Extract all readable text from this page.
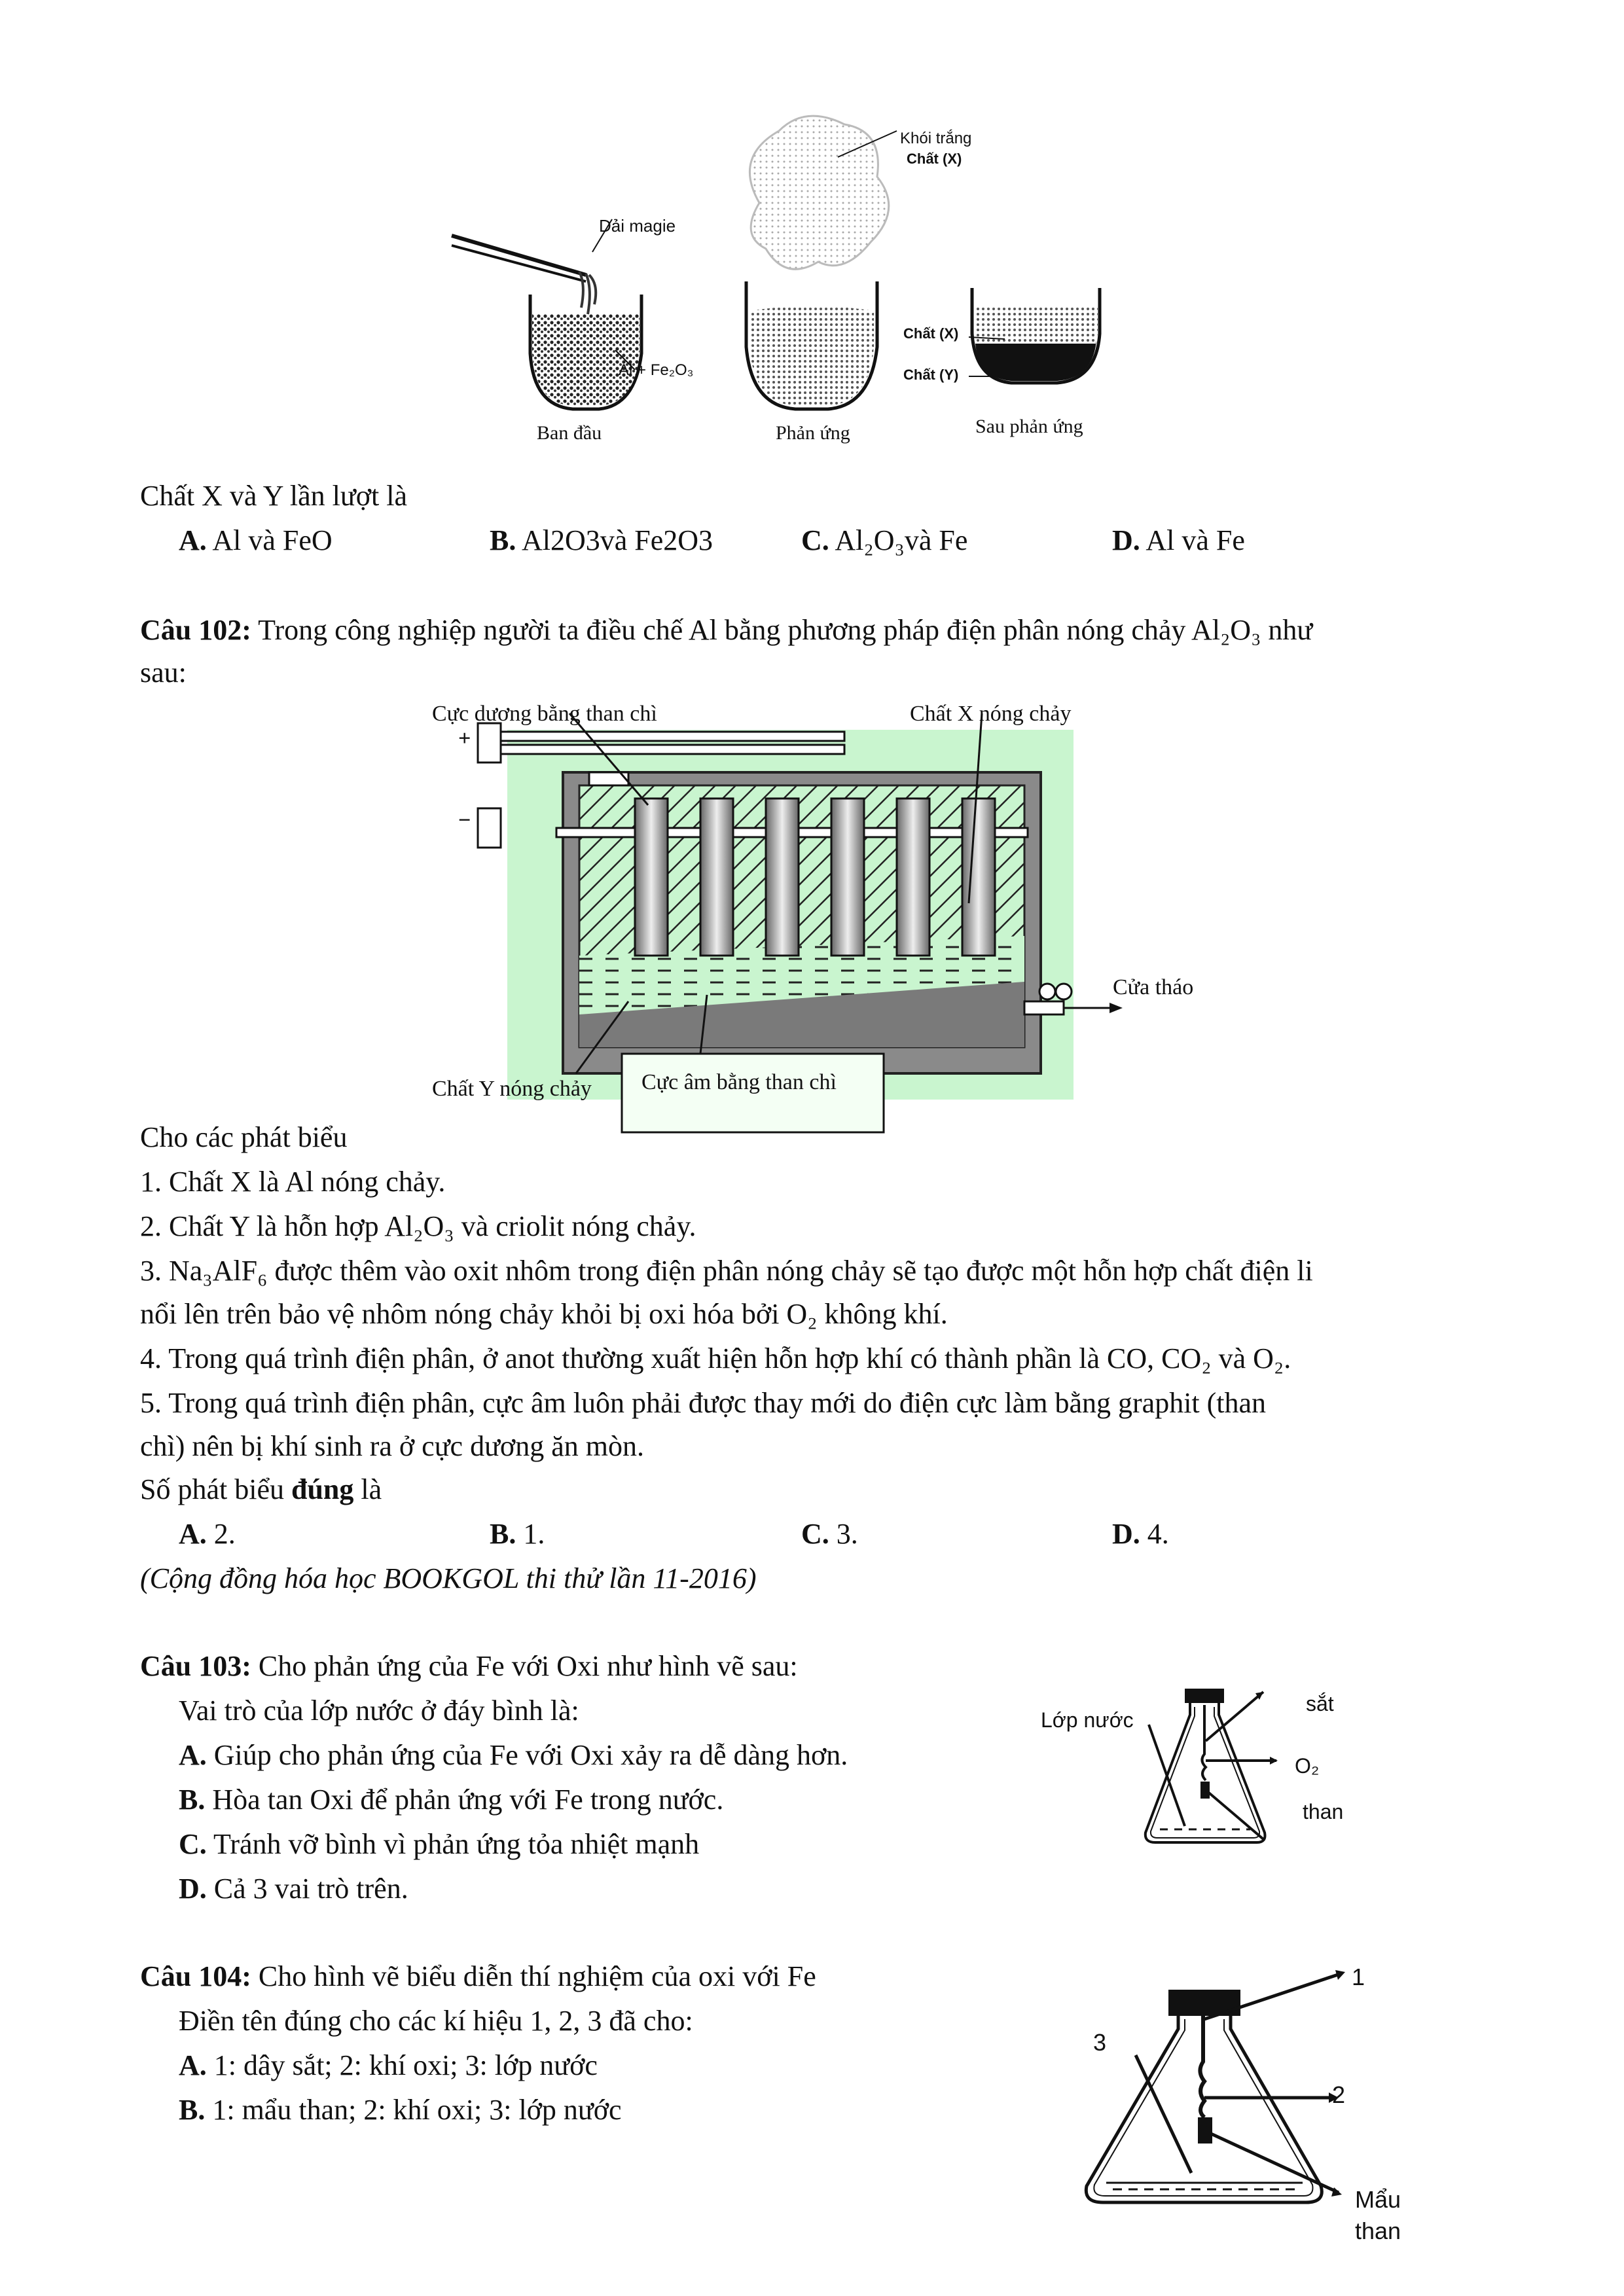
Dải magie
Al + Fe₂O₃
Khói trắng
Chất (X)
Chất (X)
Chất (Y)
Ban đầu	Phản ứng	Sau phản ứng
Chất X và Y lần lượt là
A. Al và FeO	B. Al2O3và Fe2O3	C. Al₂O₃và Fe	D. Al và Fe
Câu 102: Trong công nghiệp người ta điều chế Al bằng phương pháp điện phân nóng chảy Al₂O₃ như
sau:
Cực dương bằng than chì	Chất X nóng chảy
Cửa tháo
Cực âm bằng than chì
Chất Y nóng chảy
+
−
Cho các phát biểu
1. Chất X là Al nóng chảy.
2. Chất Y là hỗn hợp Al₂O₃ và criolit nóng chảy.
3. Na₃AlF₆ được thêm vào oxit nhôm trong điện phân nóng chảy sẽ tạo được một hỗn hợp chất điện li
nổi lên trên bảo vệ nhôm nóng chảy khỏi bị oxi hóa bởi O₂ không khí.
4. Trong quá trình điện phân, ở anot thường xuất hiện hỗn hợp khí có thành phần là CO, CO₂ và O₂.
5. Trong quá trình điện phân, cực âm luôn phải được thay mới do điện cực làm bằng graphit (than
chì) nên bị khí sinh ra ở cực dương ăn mòn.
Số phát biểu đúng là
A. 2.	B. 1.	C. 3.	D. 4.
(Cộng đồng hóa học BOOKGOL thi thử lần 11-2016)
Câu 103: Cho phản ứng của Fe với Oxi như hình vẽ sau:
Vai trò của lớp nước ở đáy bình là:
A. Giúp cho phản ứng của Fe với Oxi xảy ra dễ dàng hơn.
B. Hòa tan Oxi để phản ứng với Fe trong nước.
C. Tránh vỡ bình vì phản ứng tỏa nhiệt mạnh
D. Cả 3 vai trò trên.
Lớp nước
sắt
O₂
than
Câu 104: Cho hình vẽ biểu diễn thí nghiệm của oxi với Fe
Điền tên đúng cho các kí hiệu 1, 2, 3 đã cho:
A. 1: dây sắt; 2: khí oxi; 3: lớp nước
B. 1: mẩu than; 2: khí oxi; 3: lớp nước
1
2
3
Mẩu
than
